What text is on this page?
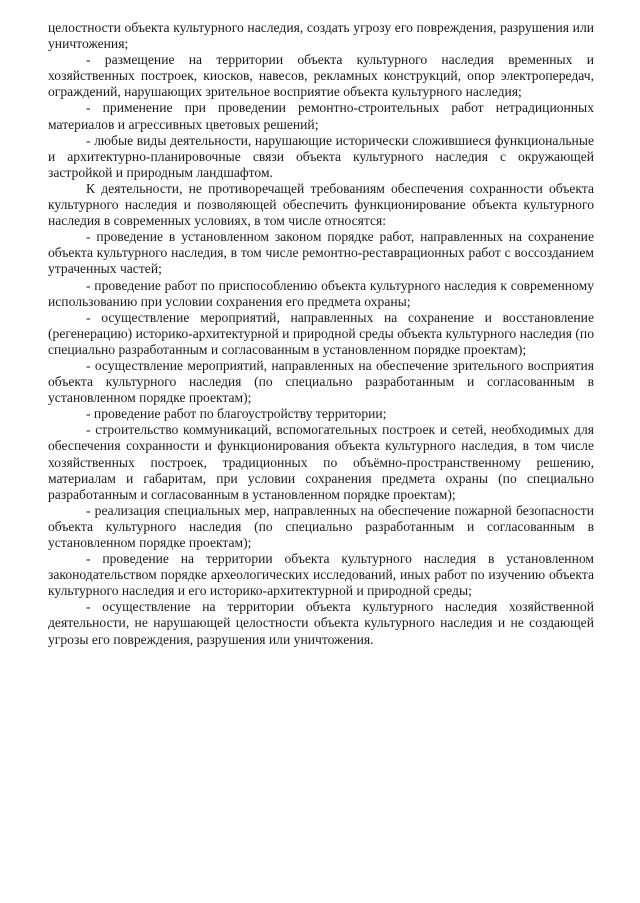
целостности объекта культурного наследия, создать угрозу его повреждения, разрушения или уничтожения;

- размещение на территории объекта культурного наследия временных и хозяйственных построек, киосков, навесов, рекламных конструкций, опор электропередач, ограждений, нарушающих зрительное восприятие объекта культурного наследия;

- применение при проведении ремонтно-строительных работ нетрадиционных материалов и агрессивных цветовых решений;

- любые виды деятельности, нарушающие исторически сложившиеся функциональные и архитектурно-планировочные связи объекта культурного наследия с окружающей застройкой и природным ландшафтом.

К деятельности, не противоречащей требованиям обеспечения сохранности объекта культурного наследия и позволяющей обеспечить функционирование объекта культурного наследия в современных условиях, в том числе относятся:

- проведение в установленном законом порядке работ, направленных на сохранение объекта культурного наследия, в том числе ремонтно-реставрационных работ с воссозданием утраченных частей;

- проведение работ по приспособлению объекта культурного наследия к современному использованию при условии сохранения его предмета охраны;

- осуществление мероприятий, направленных на сохранение и восстановление (регенерацию) историко-архитектурной и природной среды объекта культурного наследия (по специально разработанным и согласованным в установленном порядке проектам);

- осуществление мероприятий, направленных на обеспечение зрительного восприятия объекта культурного наследия (по специально разработанным и согласованным в установленном порядке проектам);

- проведение работ по благоустройству территории;

- строительство коммуникаций, вспомогательных построек и сетей, необходимых для обеспечения сохранности и функционирования объекта культурного наследия, в том числе хозяйственных построек, традиционных по объёмно-пространственному решению, материалам и габаритам, при условии сохранения предмета охраны (по специально разработанным и согласованным в установленном порядке проектам);

- реализация специальных мер, направленных на обеспечение пожарной безопасности объекта культурного наследия (по специально разработанным и согласованным в установленном порядке проектам);

- проведение на территории объекта культурного наследия в установленном законодательством порядке археологических исследований, иных работ по изучению объекта культурного наследия и его историко-архитектурной и природной среды;

- осуществление на территории объекта культурного наследия хозяйственной деятельности, не нарушающей целостности объекта культурного наследия и не создающей угрозы его повреждения, разрушения или уничтожения.
